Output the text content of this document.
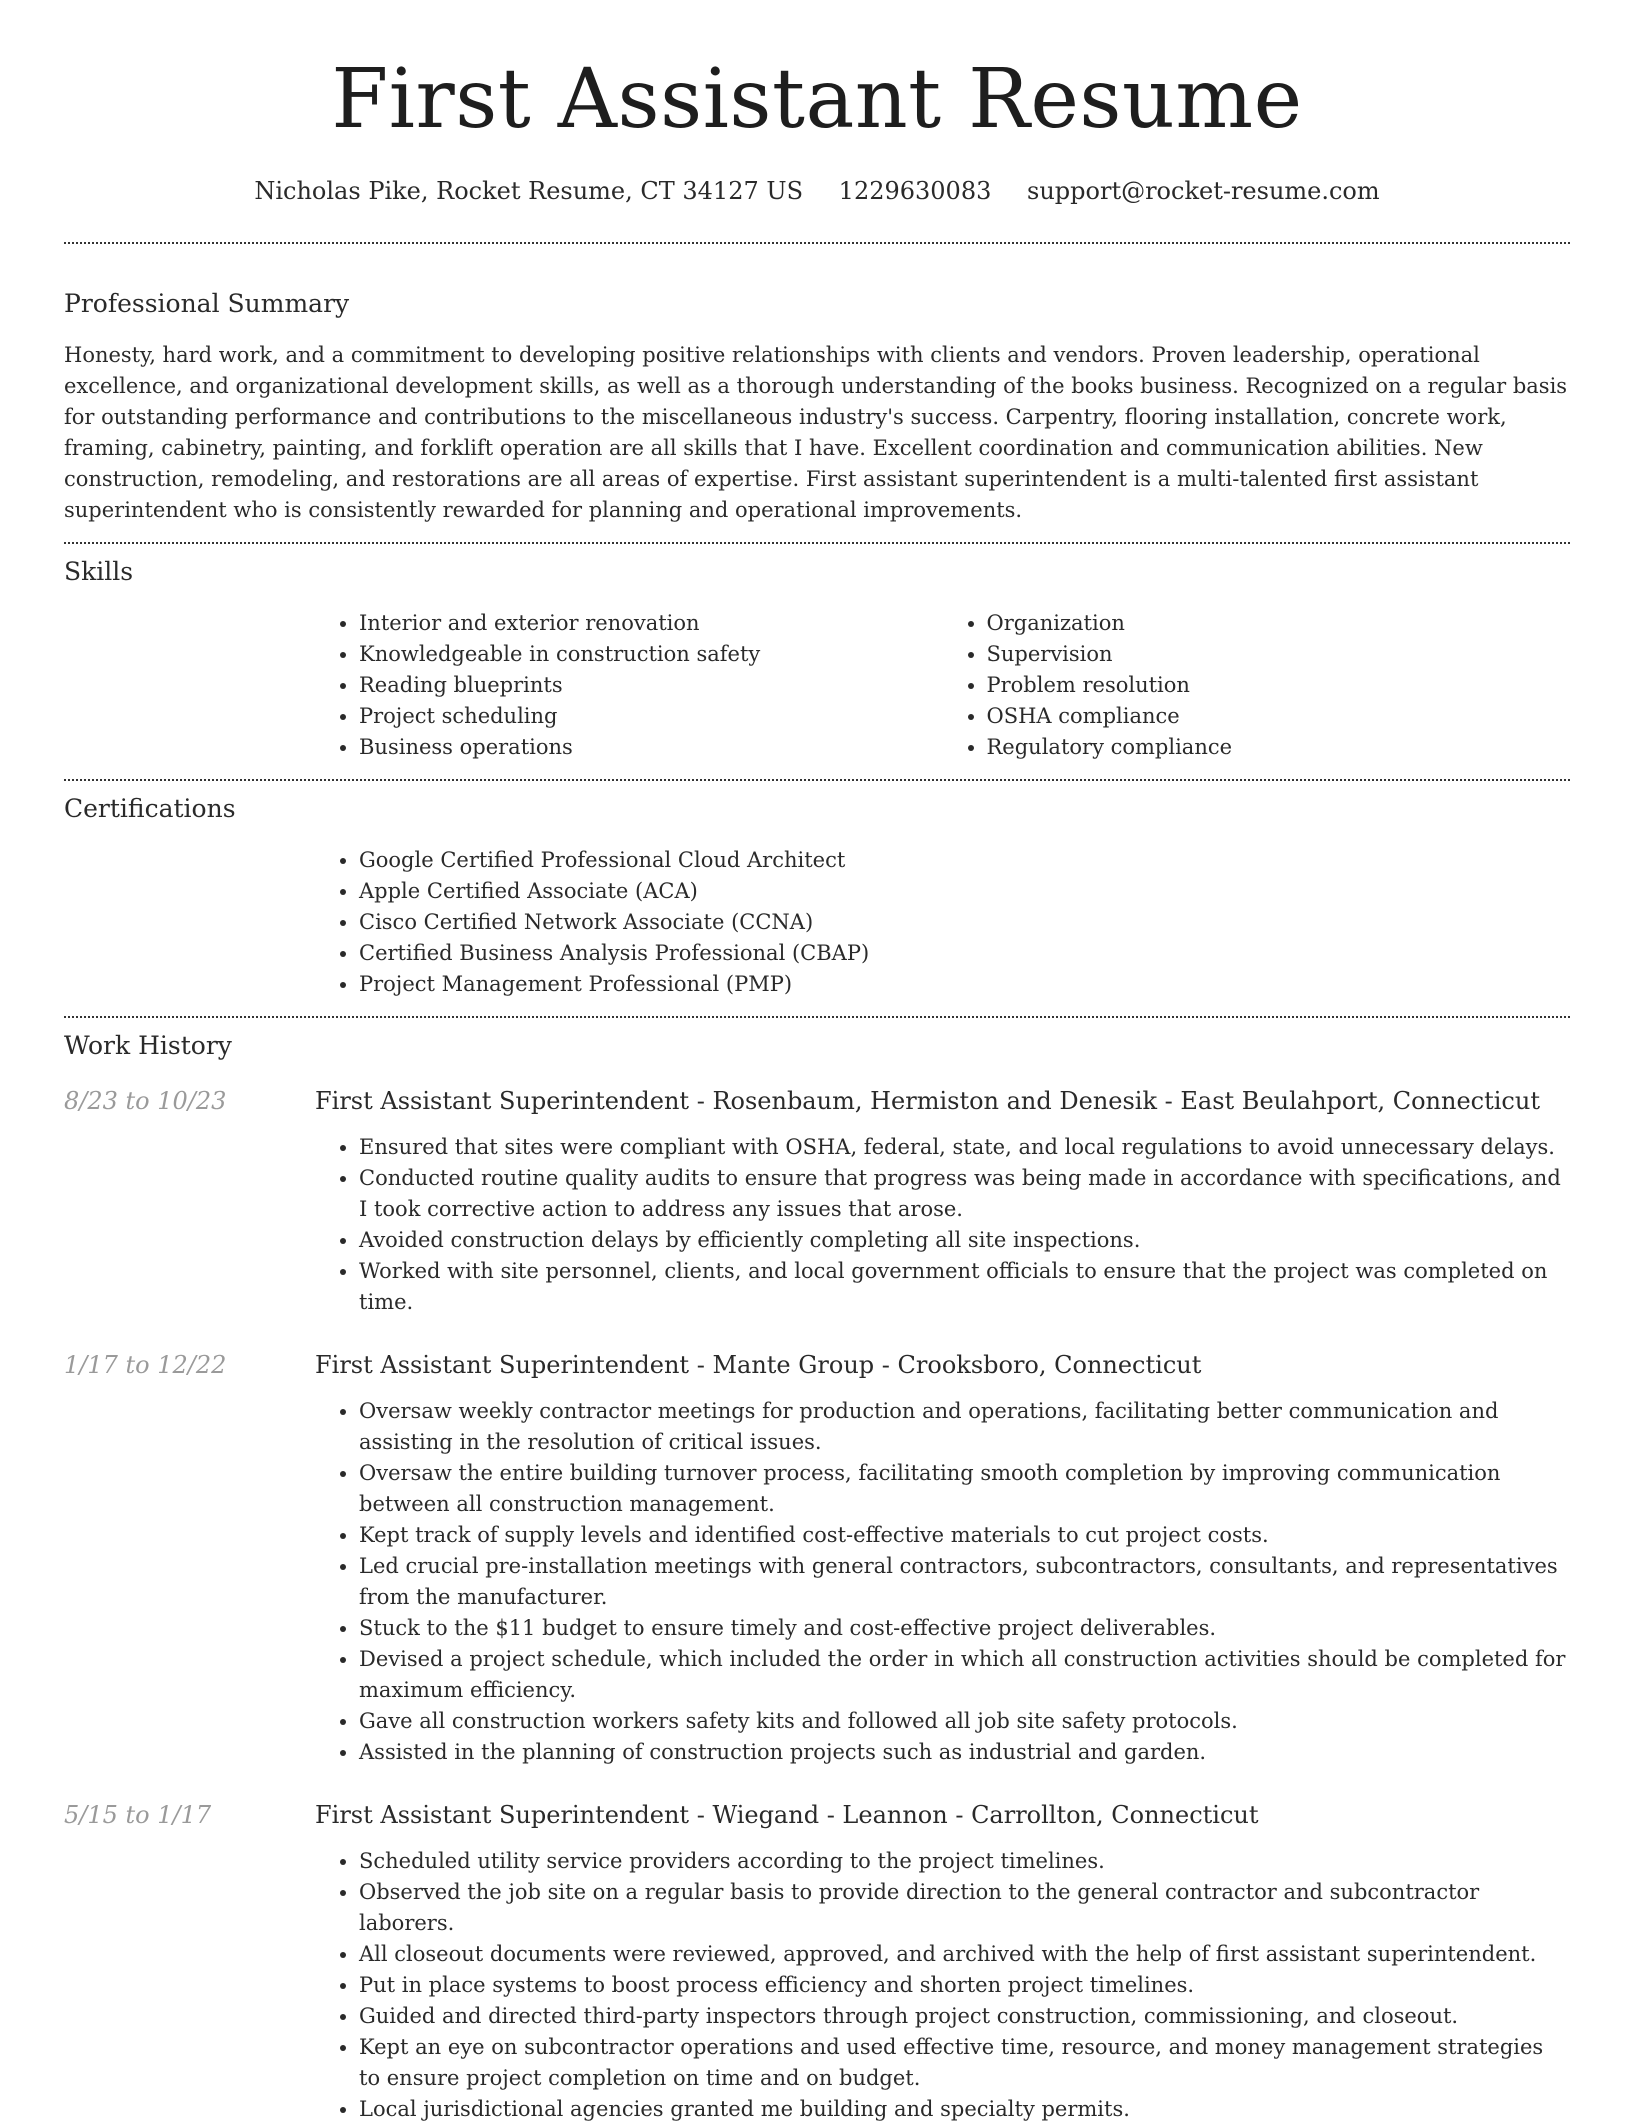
First Assistant Resume
Nicholas Pike, Rocket Resume, CT 34127 US 1229630083 support@rocket-resume.com
Professional Summary

Honesty, hard work, and a commitment to developing positive relationships with clients and vendors. Proven leadership, operational excellence, and organizational development skills, as well as a thorough understanding of the books business. Recognized on a regular basis for outstanding performance and contributions to the miscellaneous industry's success. Carpentry, flooring installation, concrete work, framing, cabinetry, painting, and forklift operation are all skills that I have. Excellent coordination and communication abilities. New construction, remodeling, and restorations are all areas of expertise. First assistant superintendent is a multi-talented first assistant superintendent who is consistently rewarded for planning and operational improvements.

Skills
• Interior and exterior renovation
• Knowledgeable in construction safety
• Reading blueprints
• Project scheduling
• Business operations
• Organization
• Supervision
• Problem resolution
• OSHA compliance
• Regulatory compliance
Certifications
• Google Certified Professional Cloud Architect
• Apple Certified Associate (ACA)
• Cisco Certified Network Associate (CCNA)
• Certified Business Analysis Professional (CBAP)
• Project Management Professional (PMP)
Work History
8/23 to 10/23	First Assistant Superintendent - Rosenbaum, Hermiston and Denesik - East Beulahport, Connecticut
• Ensured that sites were compliant with OSHA, federal, state, and local regulations to avoid unnecessary delays.
• Conducted routine quality audits to ensure that progress was being made in accordance with specifications, and I took corrective action to address any issues that arose.
• Avoided construction delays by efficiently completing all site inspections.
• Worked with site personnel, clients, and local government officials to ensure that the project was completed on time.
1/17 to 12/22	First Assistant Superintendent - Mante Group - Crooksboro, Connecticut
• Oversaw weekly contractor meetings for production and operations, facilitating better communication and assisting in the resolution of critical issues.
• Oversaw the entire building turnover process, facilitating smooth completion by improving communication between all construction management.
• Kept track of supply levels and identified cost-effective materials to cut project costs.
• Led crucial pre-installation meetings with general contractors, subcontractors, consultants, and representatives from the manufacturer.
• Stuck to the $11 budget to ensure timely and cost-effective project deliverables.
• Devised a project schedule, which included the order in which all construction activities should be completed for maximum efficiency.
• Gave all construction workers safety kits and followed all job site safety protocols.
• Assisted in the planning of construction projects such as industrial and garden.
5/15 to 1/17	First Assistant Superintendent - Wiegand - Leannon - Carrollton, Connecticut
• Scheduled utility service providers according to the project timelines.
• Observed the job site on a regular basis to provide direction to the general contractor and subcontractor laborers.
• All closeout documents were reviewed, approved, and archived with the help of first assistant superintendent.
• Put in place systems to boost process efficiency and shorten project timelines.
• Guided and directed third-party inspectors through project construction, commissioning, and closeout.
• Kept an eye on subcontractor operations and used effective time, resource, and money management strategies to ensure project completion on time and on budget.
• Local jurisdictional agencies granted me building and specialty permits.
